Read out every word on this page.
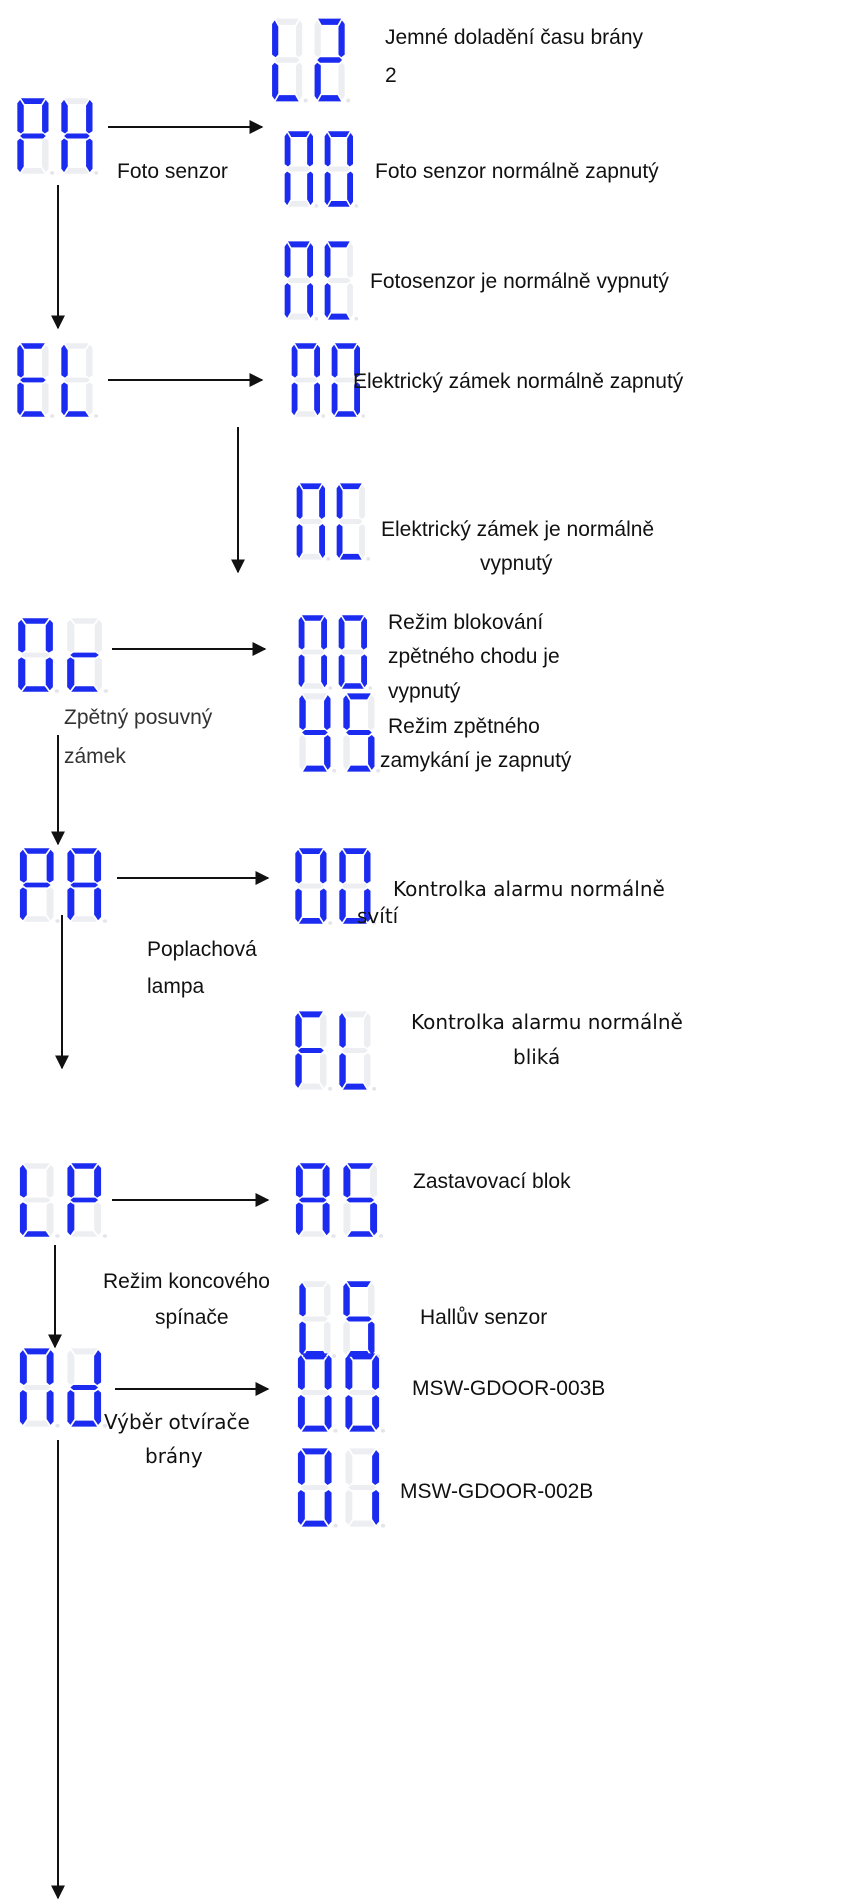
Jemné doladění času brány
2
Foto senzor	Foto senzor normálně zapnutý
Fotosenzor je normálně vypnutý
Elektrický zámek normálně zapnutý
Elektrický zámek je normálně
vypnutý
Zpětný posuvný
zámek
Režim blokování
zpětného chodu je
vypnutý
Režim zpětného
zamykání je zapnutý
Poplachová
lampa
Kontrolka alarmu normálně
svítí
Kontrolka alarmu normálně
bliká
Režim koncového
spínače
Zastavovací blok
Hallův senzor
Výběr otvírače
brány
MSW-GDOOR-003B
MSW-GDOOR-002B
